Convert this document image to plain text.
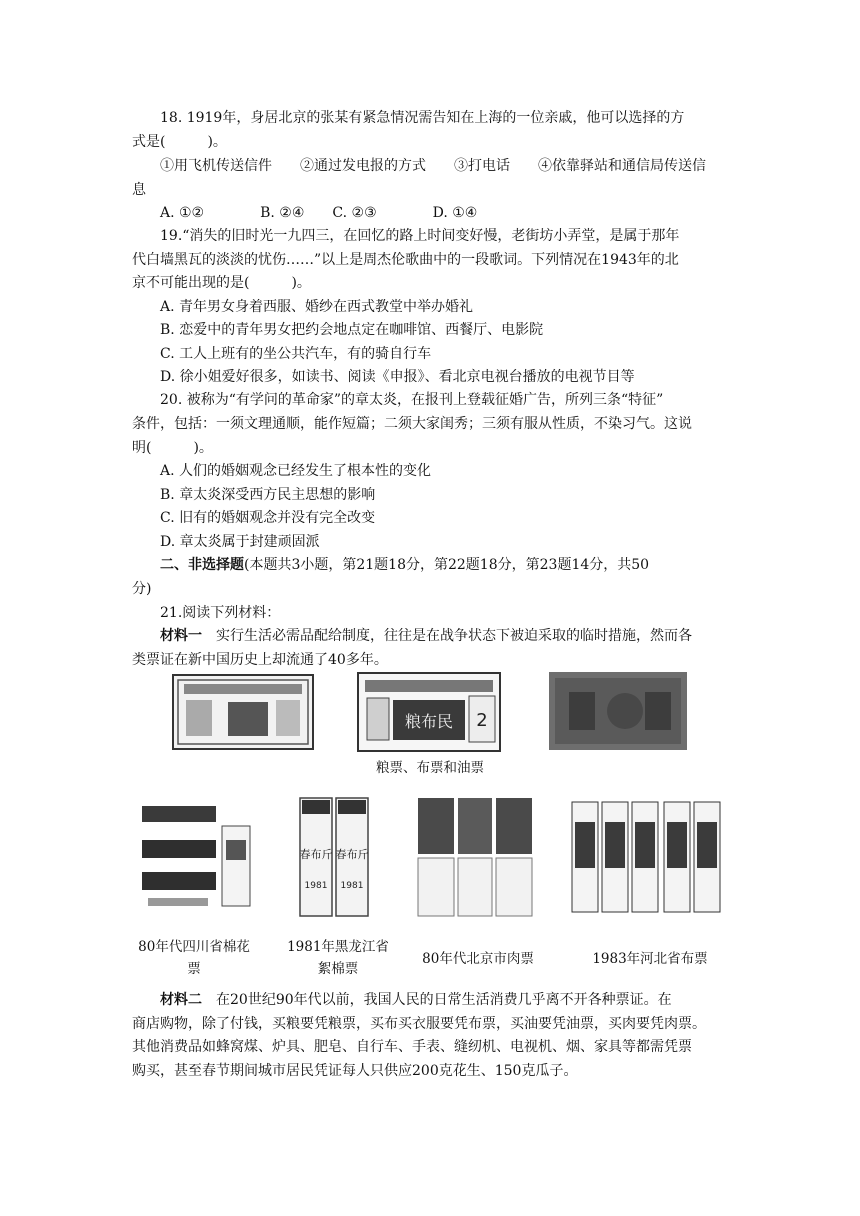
18. 1919年，身居北京的张某有紧急情况需告知在上海的一位亲戚，他可以选择的方
式是(　　　)。
①用飞机传送信件　　②通过发电报的方式　　③打电话　　④依靠驿站和通信局传送信
息
A. ①②　　　　B. ②④　　C. ②③　　　　D. ①④
19.“消失的旧时光一九四三，在回忆的路上时间变好慢，老街坊小弄堂，是属于那年
代白墙黑瓦的淡淡的忧伤……”以上是周杰伦歌曲中的一段歌词。下列情况在1943年的北
京不可能出现的是(　　　)。
A. 青年男女身着西服、婚纱在西式教堂中举办婚礼
B. 恋爱中的青年男女把约会地点定在咖啡馆、西餐厅、电影院
C. 工人上班有的坐公共汽车，有的骑自行车
D. 徐小姐爱好很多，如读书、阅读《申报》、看北京电视台播放的电视节目等
20. 被称为“有学问的革命家”的章太炎，在报刊上登载征婚广告，所列三条“特征”
条件，包括：一须文理通顺，能作短篇；二须大家闺秀；三须有服从性质，不染习气。这说
明(　　　)。
A. 人们的婚姻观念已经发生了根本性的变化
B. 章太炎深受西方民主思想的影响
C. 旧有的婚姻观念并没有完全改变
D. 章太炎属于封建顽固派
二、非选择题(本题共3小题，第21题18分，第22题18分，第23题14分，共50
分)
21.阅读下列材料：
材料一　实行生活必需品配给制度，往往是在战争状态下被迫采取的临时措施，然而各
类票证在新中国历史上却流通了40多年。
粮布民 2
粮票、布票和油票
春布斤 春布斤
1981 1981
80年代四川省棉花
票
1981年黑龙江省
絮棉票
80年代北京市肉票	1983年河北省布票
材料二　在20世纪90年代以前，我国人民的日常生活消费几乎离不开各种票证。在
商店购物，除了付钱，买粮要凭粮票，买布买衣服要凭布票，买油要凭油票，买肉要凭肉票。
其他消费品如蜂窝煤、炉具、肥皂、自行车、手表、缝纫机、电视机、烟、家具等都需凭票
购买，甚至春节期间城市居民凭证每人只供应200克花生、150克瓜子。
